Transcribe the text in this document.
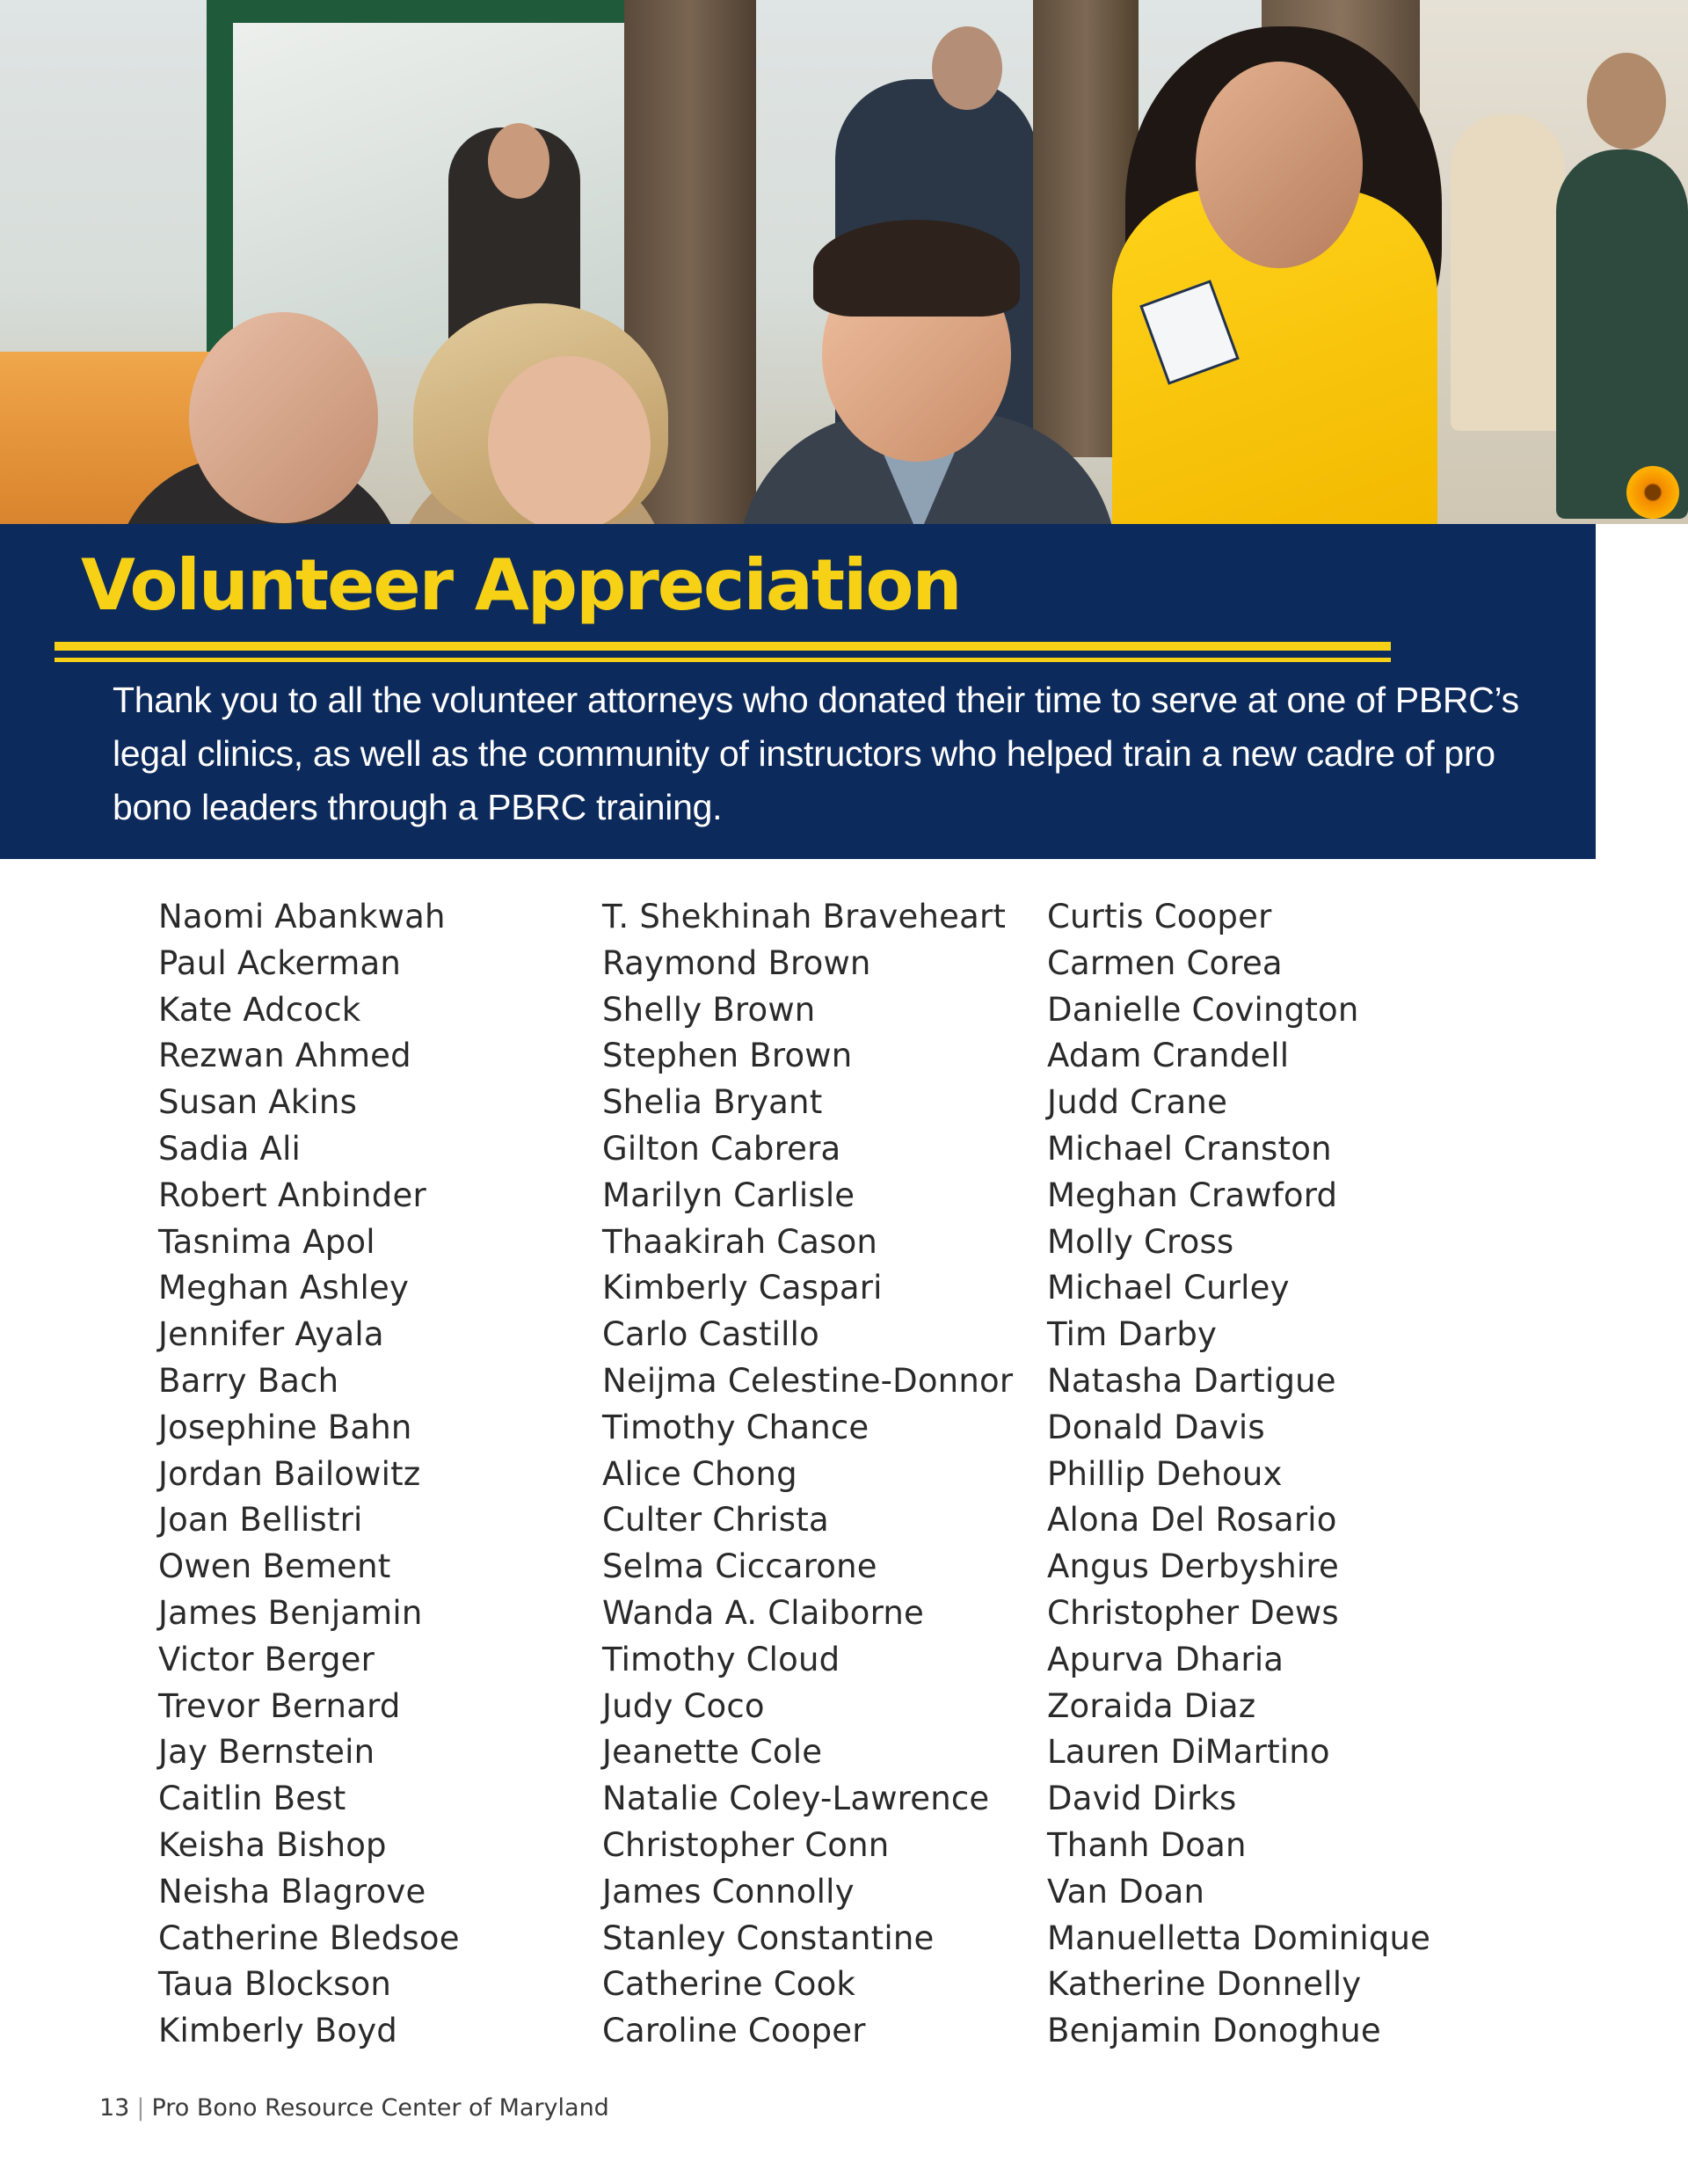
Volunteer Appreciation

Thank you to all the volunteer attorneys who donated their time to serve at one of PBRC’s legal clinics, as well as the community of instructors who helped train a new cadre of pro bono leaders through a PBRC training.

Naomi Abankwah
Paul Ackerman
Kate Adcock
Rezwan Ahmed
Susan Akins
Sadia Ali
Robert Anbinder
Tasnima Apol
Meghan Ashley
Jennifer Ayala
Barry Bach
Josephine Bahn
Jordan Bailowitz
Joan Bellistri
Owen Bement
James Benjamin
Victor Berger
Trevor Bernard
Jay Bernstein
Caitlin Best
Keisha Bishop
Neisha Blagrove
Catherine Bledsoe
Taua Blockson
Kimberly Boyd
T. Shekhinah Braveheart
Raymond Brown
Shelly Brown
Stephen Brown
Shelia Bryant
Gilton Cabrera
Marilyn Carlisle
Thaakirah Cason
Kimberly Caspari
Carlo Castillo
Neijma Celestine-Donnor
Timothy Chance
Alice Chong
Culter Christa
Selma Ciccarone
Wanda A. Claiborne
Timothy Cloud
Judy Coco
Jeanette Cole
Natalie Coley-Lawrence
Christopher Conn
James Connolly
Stanley Constantine
Catherine Cook
Caroline Cooper
Curtis Cooper
Carmen Corea
Danielle Covington
Adam Crandell
Judd Crane
Michael Cranston
Meghan Crawford
Molly Cross
Michael Curley
Tim Darby
Natasha Dartigue
Donald Davis
Phillip Dehoux
Alona Del Rosario
Angus Derbyshire
Christopher Dews
Apurva Dharia
Zoraida Diaz
Lauren DiMartino
David Dirks
Thanh Doan
Van Doan
Manuelletta Dominique
Katherine Donnelly
Benjamin Donoghue
13 | Pro Bono Resource Center of Maryland
